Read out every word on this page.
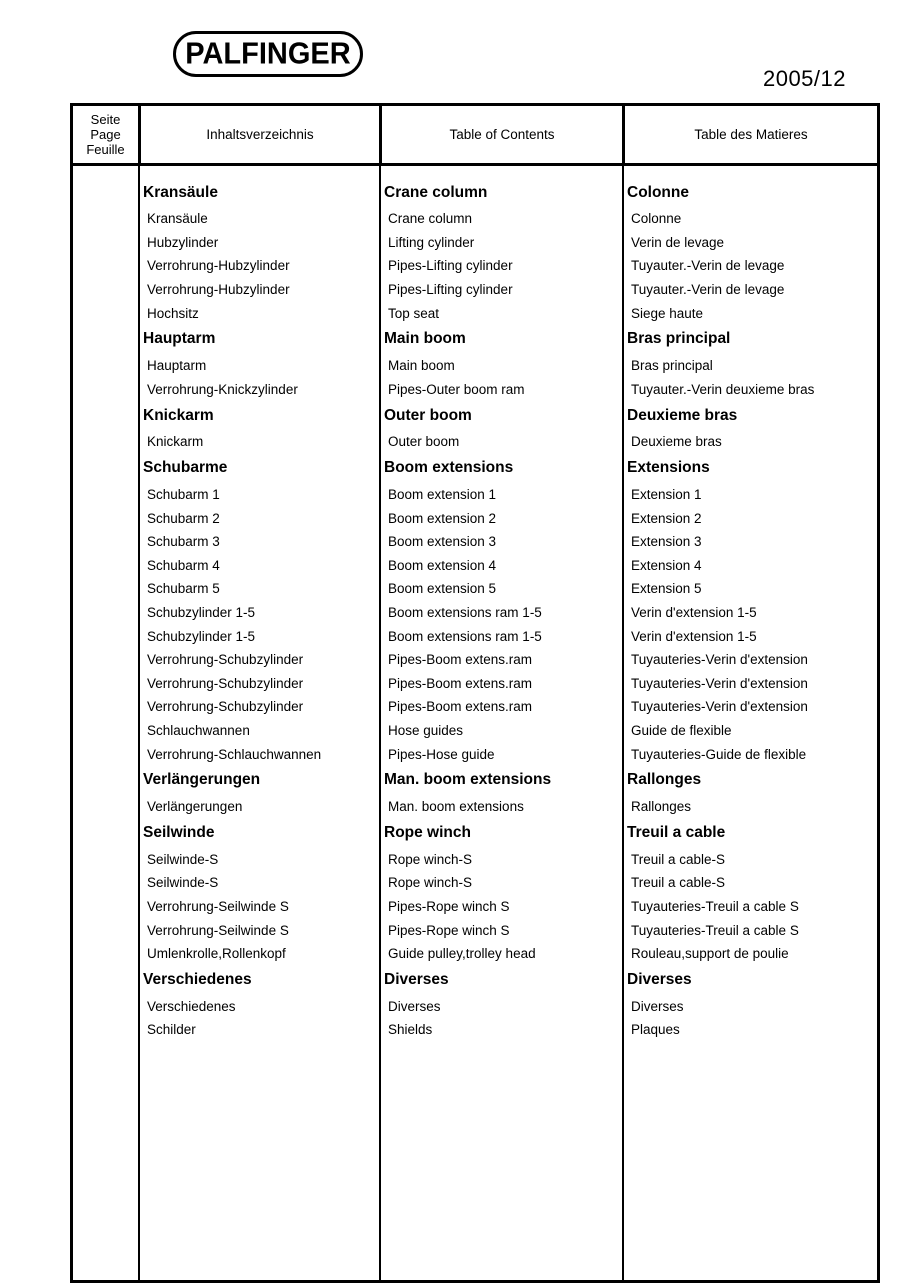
PALFINGER
2005/12
Seite
Page
Feuille
Inhaltsverzeichnis	Table of Contents	Table des Matieres
Kransäule
Kransäule
Hubzylinder
Verrohrung-Hubzylinder
Verrohrung-Hubzylinder
Hochsitz
Hauptarm
Hauptarm
Verrohrung-Knickzylinder
Knickarm
Knickarm
Schubarme
Schubarm 1
Schubarm 2
Schubarm 3
Schubarm 4
Schubarm 5
Schubzylinder 1-5
Schubzylinder 1-5
Verrohrung-Schubzylinder
Verrohrung-Schubzylinder
Verrohrung-Schubzylinder
Schlauchwannen
Verrohrung-Schlauchwannen
Verlängerungen
Verlängerungen
Seilwinde
Seilwinde-S
Seilwinde-S
Verrohrung-Seilwinde S
Verrohrung-Seilwinde S
Umlenkrolle,Rollenkopf
Verschiedenes
Verschiedenes
Schilder
Crane column
Crane column
Lifting cylinder
Pipes-Lifting cylinder
Pipes-Lifting cylinder
Top seat
Main boom
Main boom
Pipes-Outer boom ram
Outer boom
Outer boom
Boom extensions
Boom extension 1
Boom extension 2
Boom extension 3
Boom extension 4
Boom extension 5
Boom extensions ram 1-5
Boom extensions ram 1-5
Pipes-Boom extens.ram
Pipes-Boom extens.ram
Pipes-Boom extens.ram
Hose guides
Pipes-Hose guide
Man. boom extensions
Man. boom extensions
Rope winch
Rope winch-S
Rope winch-S
Pipes-Rope winch S
Pipes-Rope winch S
Guide pulley,trolley head
Diverses
Diverses
Shields
Colonne
Colonne
Verin de levage
Tuyauter.-Verin de levage
Tuyauter.-Verin de levage
Siege haute
Bras principal
Bras principal
Tuyauter.-Verin deuxieme bras
Deuxieme bras
Deuxieme bras
Extensions
Extension 1
Extension 2
Extension 3
Extension 4
Extension 5
Verin d'extension 1-5
Verin d'extension 1-5
Tuyauteries-Verin d'extension
Tuyauteries-Verin d'extension
Tuyauteries-Verin d'extension
Guide de flexible
Tuyauteries-Guide de flexible
Rallonges
Rallonges
Treuil a cable
Treuil a cable-S
Treuil a cable-S
Tuyauteries-Treuil a cable S
Tuyauteries-Treuil a cable S
Rouleau,support de poulie
Diverses
Diverses
Plaques
